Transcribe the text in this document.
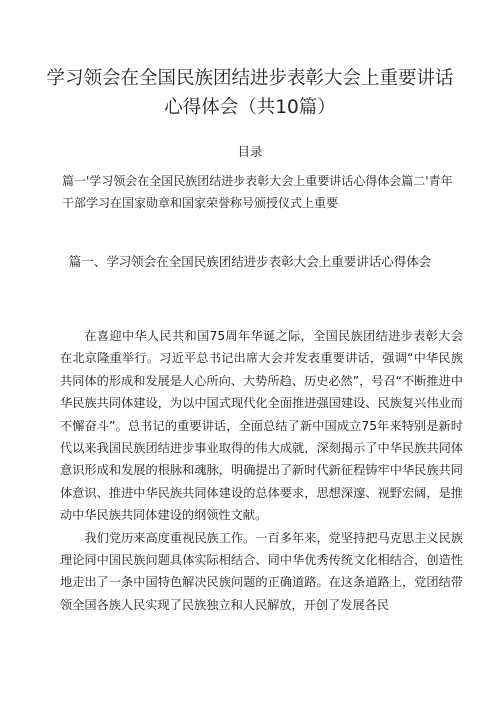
学习领会在全国民族团结进步表彰大会上重要讲话心得体会（共10篇）
目录
篇一'学习领会在全国民族团结进步表彰大会上重要讲话心得体会篇二'青年干部学习在国家勋章和国家荣誉称号颁授仪式上重要
篇一、学习领会在全国民族团结进步表彰大会上重要讲话心得体会

在喜迎中华人民共和国75周年华诞之际，全国民族团结进步表彰大会在北京隆重举行。习近平总书记出席大会并发表重要讲话，强调“中华民族共同体的形成和发展是人心所向、大势所趋、历史必然”，号召“不断推进中华民族共同体建设，为以中国式现代化全面推进强国建设、民族复兴伟业而不懈奋斗”。总书记的重要讲话，全面总结了新中国成立75年来特别是新时代以来我国民族团结进步事业取得的伟大成就，深刻揭示了中华民族共同体意识形成和发展的根脉和魂脉，明确提出了新时代新征程铸牢中华民族共同体意识、推进中华民族共同体建设的总体要求，思想深邃、视野宏阔，是推动中华民族共同体建设的纲领性文献。

我们党历来高度重视民族工作。一百多年来，党坚持把马克思主义民族理论同中国民族问题具体实际相结合、同中华优秀传统文化相结合，创造性地走出了一条中国特色解决民族问题的正确道路。在这条道路上，党团结带领全国各族人民实现了民族独立和人民解放，开创了发展各民
